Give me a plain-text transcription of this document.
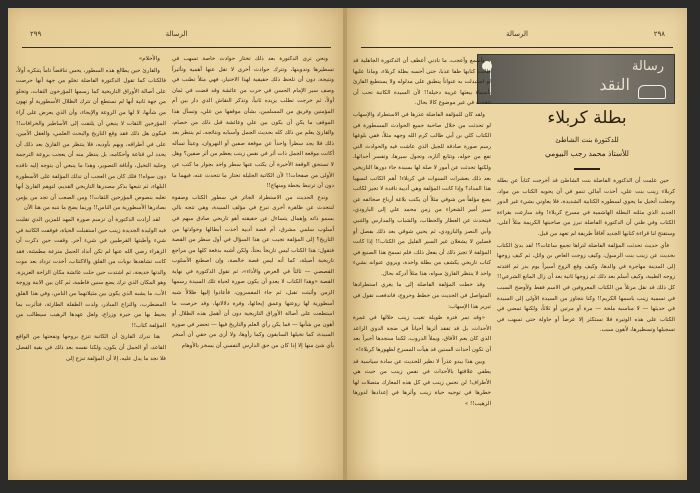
٢٩٩	الرسالة

ونحن نرى الدكتورة بعد ذلك تختار حوادث خاصة تسهب في تسطيرها وتدوينها، وتترك حوادث أخرى لا تقل عنها أهمية وتأثيراً ونتيجة، دون أن تلحظ ذلك حقيقية لهذا الاختيار، فهي مثلاً تطنب في وصف سير الإمام الحسن في حرب من عائشة وقد قضت في ثمان أولاً، ثم خرجت تطلب يزيده ثانياً، وتذكر النقاش الذي دار بين أم المؤمنين وفريق من المسلمين، بشأن موقفها من علي، وتسأل هذا الموقف ما يكن أن يكون بين علي وعائشة قبل ذلك من خصام، والقارئ يعلم من ذلك كله بحديث الجمل وأسبابه ونتائجه، ثم ينتظر بعد ذلك فلا يجد سطراً واحداً عن موقعة صفين أو النهروان، وعبثاً تسأله أكانت موقعة الجمل ذات أثر في نفس زينب يعظم من أثر صفين؟ وهل لا تستحق الوقعة الأخيرة أن يكتب عنها سطر واحد بجوار ما كتب عن الأولى من صفحات!! لأن الكاتبة الجليلة تختار ما تتحدث عنه، فيهما ما دون أن ترتبط بخطة ومنهاج!!

وندع الحديث من الاستطراد الجائر في سطور الكتاب وصفوة لنتحدث عن ظاهرة أخرى تبرع في مؤلف السيدة، وهي تتجه بالي بسمو ذاته وإهمال يتساءل عن حقيقته أهو تاريخي صادق مبهم في أسلوب سلمي مشرق، أم قصة أدبية أخذت أبطالها وحوادثها من التاريخ؟ إلى المؤلفة تجيب عن هذا السؤال في أول سطر من القصة فتقول: هذا الكتاب ليس تاريخاً بحتاً، ولكن أشبه بدفعة كلها من مراجع تاريخية أصيلة، كما أنه ليس قصة خالصة، وإن اصطنع الأسلوب القصصي — ثالثاً في العرض والأداء»، ثم تقول الدكتورة في نهاية القصة «وهذا الكتاب لا يعدو أن يكون صورة لحياة تلك السيدة رسمها الزمن وأثبتت تقبل، ثم جاء المفسرون، فأعادوا إليها ظلالاً شبه أسطورية لها روعتها وعمق إيحائها، وفرة دلالاتها، وقد حرصت ما استطعت على أصالة الأوراق التاريخية دون أن أهمل هذه الظلال أو أهون من شأنها — فما يكن رأي العلم والتاريخ فيها — تحضر في صورة السيدة، كما تخيلها السابقون وكما رأوها، ولا أرى من حقي أن أسخر بأي شئ منها إلا إذا كان من حق الدارس النفسي أن يسخر بالأوهام

والأحلام»

والقارئ حين يطالع هذه السطور، يحس تناقضاً تاماً يتنكره أولاً، فالكتاب كما تقول الدكتورة الفاضلة تخلو من جهة أنها حرصت على أصالة الأوراق التاريخية كما رسمها المؤرخون الثقات، وتخلو من جهة ثانية أنها لم تستطع أن تترك الظلال الأسطورية أو تهون من شأنها، لا لها من الروعة والإيحاء، وأن الذي يعرض على آراء المؤرخين الثقات لا ينبغي أن يلتفت إلى الأساطير والخرافات!! فيكون هل ذلك فقد وقع التاريخ والبحث العلمي، والعقل الأمين، على في أطرافه، وبهم بأوديه، فلا ينتظر من القارئ بعد ذلك أن يحدد لي قناعة وأحكامه، بل ينتظر منه أن يعجب بروعة الترجمة وحلية التخيل، وأناقة التصوير، وهذا ما ينبغي أن يتوجه إليه ناقده دون سواه!! فلك كان من العجب أن تدلك المؤلفة على الأسطورة البلهاء، ثم تتبعها بذكر مصدرها التاريخي القديم، لتوهم القارئ أنها تغلبه بنصوص المؤرخين الثقات!! ومن الصعب أن تجد من يؤمن بصادرها الأسطورية من الناس!! وربما يضج ما ننبه من هنا الآن

لقد أرادت الدكتورة أن ترسم صورة المهد للمزين الذي تقلبت فيه الوليدة الجديدة زينب حين استقبلت الحياة، فوقفت الكاتبة في شيء وأطبتها القرطبين في شيء آخر. وقفت حين ذكرت أن الزهراء رضي الله عنها لم تكن أنداد الحمل مترعة مطمئنة، فقد كانت تشاهدها نوبات من القلق والاكتئاب، أخذت تزداد بعد موت والدتها خديجة، ثم اشتدت حين حلت عائشة مكان الزاحة العزيزة، وهو المكان الذي ترك يضع سنين فاطمة، ثم كان بين الابنة وزوجة الأب، ما يشبه الذي يكون بين مثيلاتهما من الناس، وفي هذا القلق المضطرب، والتزاع المبادر، ولدت الطفلة الطارئة، فتأثرت بما يحيط بها من حيرة وزراع، ولعل عهدها الرهيب سيطالب من المؤلفة كتاب!!

هنا تدرك القارئ أن الكاتبة تنزع بروحها ونفحتها من الواقع القاعد، أو الحمل أن يكون، ولكنا نفسه بعد ذلك في بقية الفصل فلا نجد ما يدل عليه، إلا أن المؤلفة تنزع إلى

٢٩٨
الرسالة
رسالة
النقد
بطلة كربلاء
للدكتورة بنت الشاطئ
للأستاذ محمد رجب البيومي

حين علمت أن الدكتورة الفاضلة بنت الشاطئ قد أخرجت كتاباً عن بطلة كربلاء زينب بنت علي، أخذت آمالي تنمو في أن يحويه الكتاب من مواد، وجعلت أتخيل ما يحوي لسطوره الكتابية الشديدة، فلا يعاوني بشيء غير الدور الجديد الذي مثلته البطلة الهاشمية في مسرح كربلاء! وقد سارعت بقراءة الكتاب وفي ظني أن الدكتورة الفاضلة تبرز من صاحبتها الكريمة مثلاً أعلى، وستفتح لنا قراءة كتابها الجديد آفاقاً طريفة لم تعهد من قبل.

فأي حديث تحدثت المؤلفة الفاضلة لتراها تجمع ساعات؟! لقد بدئ الكتاب بحديث عن زينب بنت الرسول، وكيف زوجت العاص بن وائل، ثم كيف زوجها إلى المدينة مهاجرة في والدها، وكيف وقع الزوج أسيراً يوم بدر ثم افتدته زوجه الطيبة، وكيف أسلم بعد ذلك ثم زوجها ثانية بعد أن زال المانع الشرعي!! كل ذلك قد نقل مرتلاً من الكتاب المعروفين في الاسم فقط ولأوضح السبب في تسمية زينب باسمها الكريم!! وكنا نتجاوز من السيدة الأولى إلى السيدة في حديثها — لا مناسبة ملحة — مرة أو مرتين أو ثلاثاً، ولكنها تمضي في الكتاب على هذه الوتيرة فلا نستكثر إلا عرضاً أو حاولة حتى تسهب في تسجيلها وتسطيرها، لأهون سبب.

وأسمع وأعجب، ما نادني أعطف أن الدكتورة الجاهلية قد طالت كتابها طفا عذبا، حتى أحسه بطلة كربلاء، وماذا عليها لو استبدلت به عنواناً ينطبق على مدلوله ولا يستطيع القارئ بأسماء يبعثها غريبة دخيلة!! لأن السيدة الكاتبة تحب أن تتحدث في غير موضوع كالا بحال.

ولقد كان للمؤلفة الفاضلة عذرها في الاستطراد والإسهاب لو تحدثت من خلال صاحبة جميع الحوادث المسطورة في الكتاب كلي بن أبي طالب كرم الله وجهه مثلاً، ففي بلوغها رسم صورة صادقة للجيل الذي عاشت فيه والحوادث التي تفع من حوله، وتتابع آثاره، وتحول سيرها، وتفسر أحداثها، ولكنها تحدثت عن أمور لا صلة لها بسيدة جاء دورها التاريخي بعد ذلك بعشرات السنوات في كربلاء! أهم الكاتب لتسهيا هذا المداد؟ وإذا كانت المؤلفة وهي أديبة ناقدة لا تجيز لكاتب يضع مؤلفاً من شوقي مثلاً أن يكتب بلاغة أرباع صحائفه عن سير أمير الشعراء من زمن محمد علي إلى البارودي، فيتحدث عن العطار والحطاب، والشباب والمدارس والتنبي وأبي النصر والبارودي، ثم يحيي شوقي بعد ذلك بفصل أو فصلين لا يشغلان غير السير القليل من الكتاب!! إذا كانت المؤلفة لا تجيز ذلك أن يفعل ذلك، فلم تسمح هذا الصنيع في كتاب تاريخي يكشف من بطلة واحدة، ويروي عنوانه بشيء واحد لا ينتظر القارئ سواه، هذا مثلاً أدركه بحال.

وقد خطت المؤلفة الفاضلة إلى ما يغري استطرادها المتواصل في الحديث من خطط وحروج، فاندفعت تقول في تبرير هذا الإسهاب:

«وقد تمر فترة طويلة تغيب زينب خلالها في غمرة الأحداث، بل قد تفقد أثرها أحياناً في ضجة الدوي الراعد الذي كان يعم الآفاق، ويملأ الدروب، لكننا سنجدها أخيراً بعد أن تكون أحداث السنين قد هيأت المسرح لظهورها كربلاء!»

وبين هذا يبدو عذراً لا نظير للحديث عن سادة سياسية قد يطفي علاقتها بالأحداث في نفس زينب من حيث هي الأطراف! لن نحس زينب في كل هذه المعارك متصلات لها خطرها في توجيه حياة زينب وأثرها في إعدادها لدورها الرهيب!! »
